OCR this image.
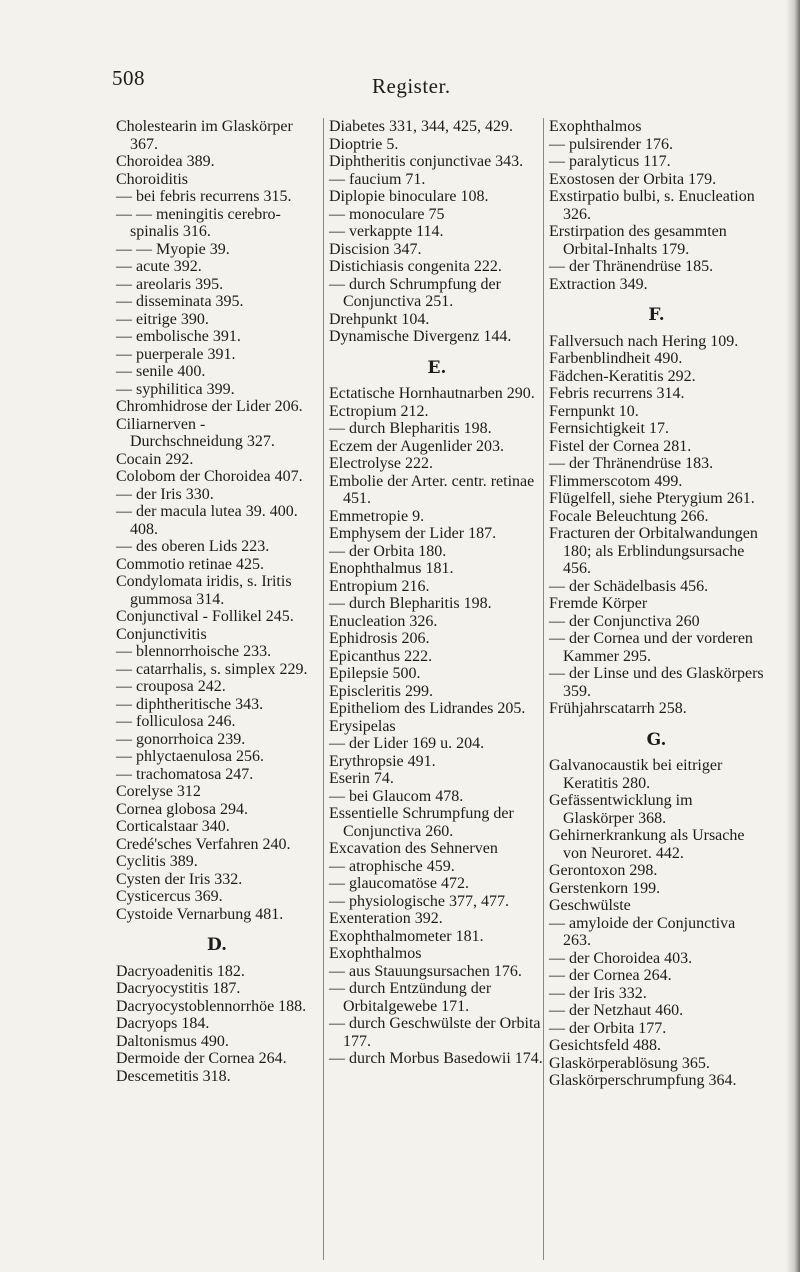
508	Register.
Cholestearin im Glaskörper 367.
Choroidea 389.
Choroiditis
— bei febris recurrens 315.
— — meningitis cerebro-spinalis 316.
— — Myopie 39.
— acute 392.
— areolaris 395.
— disseminata 395.
— eitrige 390.
— embolische 391.
— puerperale 391.
— senile 400.
— syphilitica 399.
Chromhidrose der Lider 206.
Ciliarnerven - Durchschneidung 327.
Cocain 292.
Colobom der Choroidea 407.
— der Iris 330.
— der macula lutea 39. 400. 408.
— des oberen Lids 223.
Commotio retinae 425.
Condylomata iridis, s. Iritis gummosa 314.
Conjunctival - Follikel 245.
Conjunctivitis
— blennorrhoische 233.
— catarrhalis, s. simplex 229.
— crouposa 242.
— diphtheritische 343.
— folliculosa 246.
— gonorrhoica 239.
— phlyctaenulosa 256.
— trachomatosa 247.
Corelyse 312
Cornea globosa 294.
Corticalstaar 340.
Credé'sches Verfahren 240.
Cyclitis 389.
Cysten der Iris 332.
Cysticercus 369.
Cystoide Vernarbung 481.
D.
Dacryoadenitis 182.
Dacryocystitis 187.
Dacryocystoblennorrhöe 188.
Dacryops 184.
Daltonismus 490.
Dermoide der Cornea 264.
Descemetitis 318.
Diabetes 331, 344, 425, 429.
Dioptrie 5.
Diphtheritis conjunctivae 343.
— faucium 71.
Diplopie binoculare 108.
— monoculare 75
— verkappte 114.
Discision 347.
Distichiasis congenita 222.
— durch Schrumpfung der Conjunctiva 251.
Drehpunkt 104.
Dynamische Divergenz 144.
E.
Ectatische Hornhautnarben 290.
Ectropium 212.
— durch Blepharitis 198.
Eczem der Augenlider 203.
Electrolyse 222.
Embolie der Arter. centr. retinae 451.
Emmetropie 9.
Emphysem der Lider 187.
— der Orbita 180.
Enophthalmus 181.
Entropium 216.
— durch Blepharitis 198.
Enucleation 326.
Ephidrosis 206.
Epicanthus 222.
Epilepsie 500.
Episcleritis 299.
Epitheliom des Lidrandes 205.
Erysipelas
— der Lider 169 u. 204.
Erythropsie 491.
Eserin 74.
— bei Glaucom 478.
Essentielle Schrumpfung der Conjunctiva 260.
Excavation des Sehnerven
— atrophische 459.
— glaucomatöse 472.
— physiologische 377, 477.
Exenteration 392.
Exophthalmometer 181.
Exophthalmos
— aus Stauungsursachen 176.
— durch Entzündung der Orbitalgewebe 171.
— durch Geschwülste der Orbita 177.
— durch Morbus Basedowii 174.
Exophthalmos
— pulsirender 176.
— paralyticus 117.
Exostosen der Orbita 179.
Exstirpatio bulbi, s. Enucleation 326.
Erstirpation des gesammten Orbital-Inhalts 179.
— der Thränendrüse 185.
Extraction 349.
F.
Fallversuch nach Hering 109.
Farbenblindheit 490.
Fädchen-Keratitis 292.
Febris recurrens 314.
Fernpunkt 10.
Fernsichtigkeit 17.
Fistel der Cornea 281.
— der Thränendrüse 183.
Flimmerscotom 499.
Flügelfell, siehe Pterygium 261.
Focale Beleuchtung 266.
Fracturen der Orbitalwandungen 180; als Erblindungsursache 456.
— der Schädelbasis 456.
Fremde Körper
— der Conjunctiva 260
— der Cornea und der vorderen Kammer 295.
— der Linse und des Glaskörpers 359.
Frühjahrscatarrh 258.
G.
Galvanocaustik bei eitriger Keratitis 280.
Gefässentwicklung im Glaskörper 368.
Gehirnerkrankung als Ursache von Neuroret. 442.
Gerontoxon 298.
Gerstenkorn 199.
Geschwülste
— amyloide der Conjunctiva 263.
— der Choroidea 403.
— der Cornea 264.
— der Iris 332.
— der Netzhaut 460.
— der Orbita 177.
Gesichtsfeld 488.
Glaskörperablösung 365.
Glaskörperschrumpfung 364.
